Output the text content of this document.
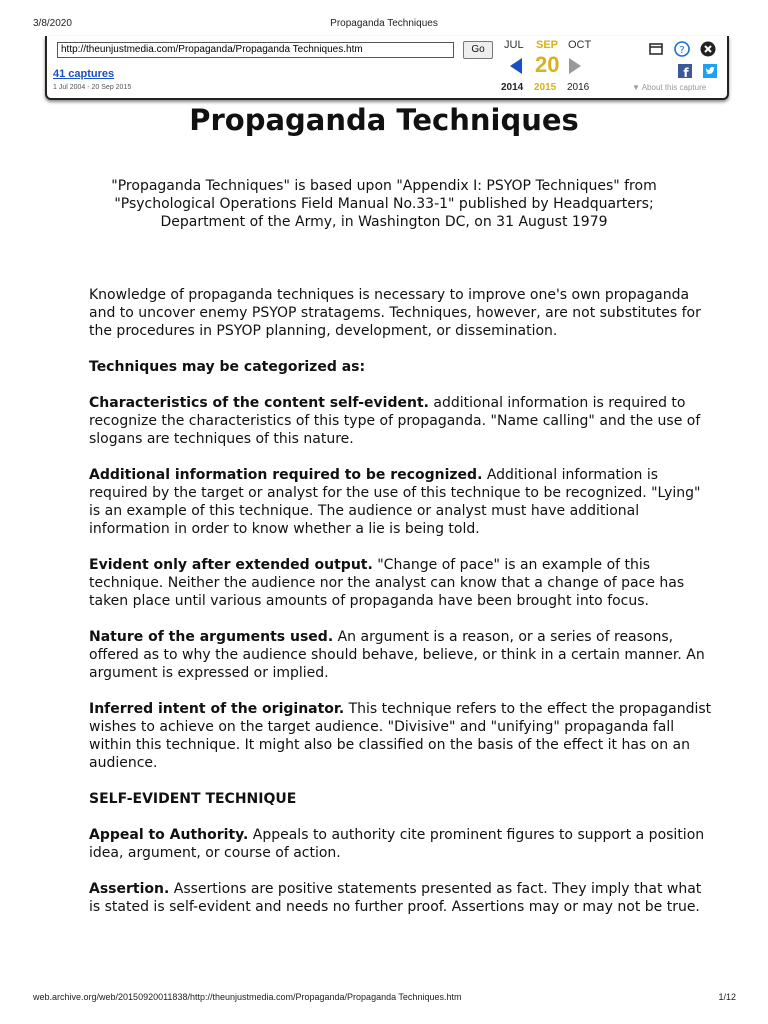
3/8/2020	Propaganda Techniques
http://theunjustmedia.com/Propaganda/Propaganda Techniques.htm	Go
41 captures
1 Jul 2004 - 20 Sep 2015
JUL SEP OCT
20
2014 2015 2016
?
f
▼ About this capture
Propaganda Techniques
"Propaganda Techniques" is based upon "Appendix I: PSYOP Techniques" from "Psychological Operations Field Manual No.33-1" published by Headquarters; Department of the Army, in Washington DC, on 31 August 1979

Knowledge of propaganda techniques is necessary to improve one's own propaganda and to uncover enemy PSYOP stratagems. Techniques, however, are not substitutes for the procedures in PSYOP planning, development, or dissemination.

Techniques may be categorized as:

Characteristics of the content self-evident. additional information is required to recognize the characteristics of this type of propaganda. "Name calling" and the use of slogans are techniques of this nature.

Additional information required to be recognized. Additional information is required by the target or analyst for the use of this technique to be recognized. "Lying" is an example of this technique. The audience or analyst must have additional information in order to know whether a lie is being told.

Evident only after extended output. "Change of pace" is an example of this technique. Neither the audience nor the analyst can know that a change of pace has taken place until various amounts of propaganda have been brought into focus.

Nature of the arguments used. An argument is a reason, or a series of reasons, offered as to why the audience should behave, believe, or think in a certain manner. An argument is expressed or implied.

Inferred intent of the originator. This technique refers to the effect the propagandist wishes to achieve on the target audience. "Divisive" and "unifying" propaganda fall within this technique. It might also be classified on the basis of the effect it has on an audience.

SELF-EVIDENT TECHNIQUE

Appeal to Authority. Appeals to authority cite prominent figures to support a position idea, argument, or course of action.

Assertion. Assertions are positive statements presented as fact. They imply that what is stated is self-evident and needs no further proof. Assertions may or may not be true.

web.archive.org/web/20150920011838/http://theunjustmedia.com/Propaganda/Propaganda Techniques.htm	1/12
